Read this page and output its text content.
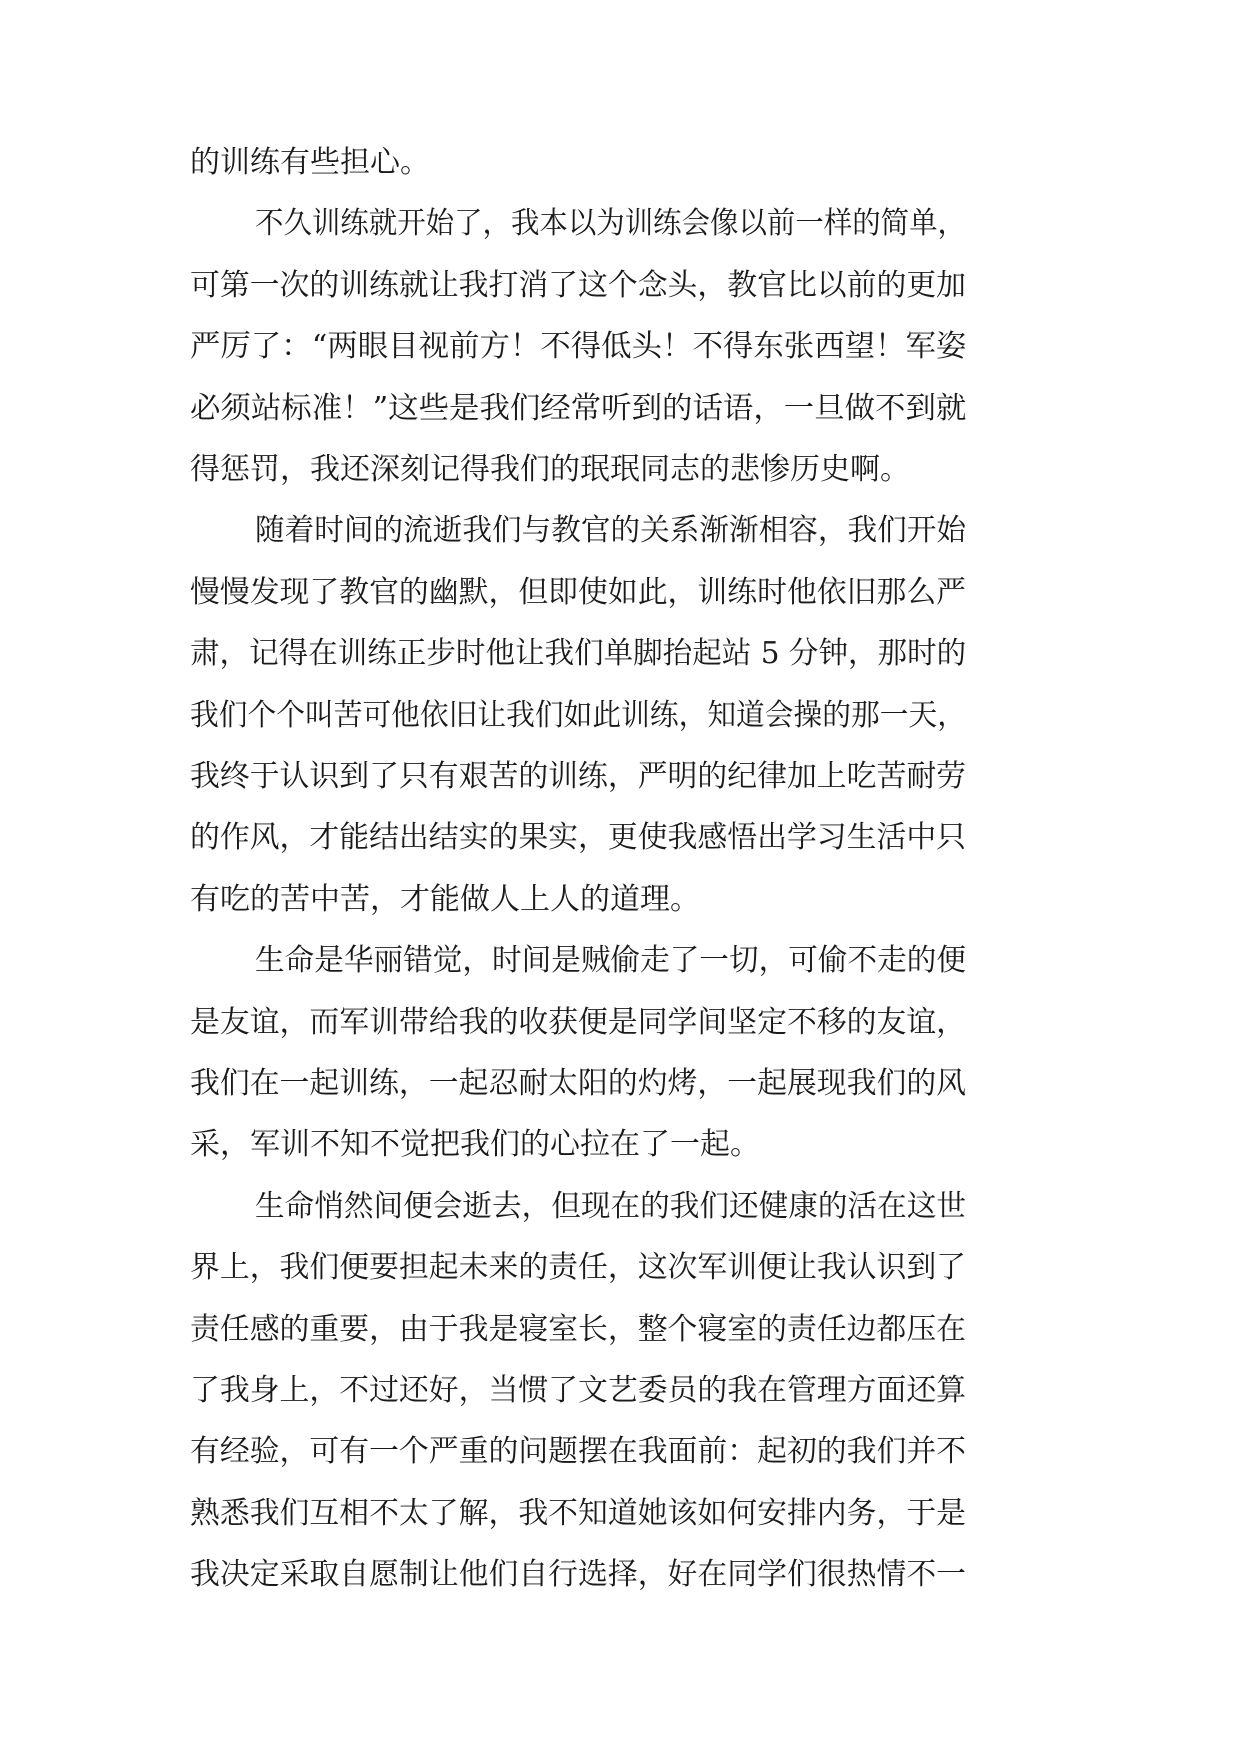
的训练有些担心。

不久训练就开始了，我本以为训练会像以前一样的简单，

可第一次的训练就让我打消了这个念头，教官比以前的更加

严厉了：“两眼目视前方！不得低头！不得东张西望！军姿

必须站标准！”这些是我们经常听到的话语，一旦做不到就

得惩罚，我还深刻记得我们的珉珉同志的悲惨历史啊。

随着时间的流逝我们与教官的关系渐渐相容，我们开始

慢慢发现了教官的幽默，但即使如此，训练时他依旧那么严

肃，记得在训练正步时他让我们单脚抬起站 5 分钟，那时的

我们个个叫苦可他依旧让我们如此训练，知道会操的那一天，

我终于认识到了只有艰苦的训练，严明的纪律加上吃苦耐劳

的作风，才能结出结实的果实，更使我感悟出学习生活中只

有吃的苦中苦，才能做人上人的道理。

生命是华丽错觉，时间是贼偷走了一切，可偷不走的便

是友谊，而军训带给我的收获便是同学间坚定不移的友谊，

我们在一起训练，一起忍耐太阳的灼烤，一起展现我们的风

采，军训不知不觉把我们的心拉在了一起。

生命悄然间便会逝去，但现在的我们还健康的活在这世

界上，我们便要担起未来的责任，这次军训便让我认识到了

责任感的重要，由于我是寝室长，整个寝室的责任边都压在

了我身上，不过还好，当惯了文艺委员的我在管理方面还算

有经验，可有一个严重的问题摆在我面前：起初的我们并不

熟悉我们互相不太了解，我不知道她该如何安排内务，于是

我决定采取自愿制让他们自行选择，好在同学们很热情不一
